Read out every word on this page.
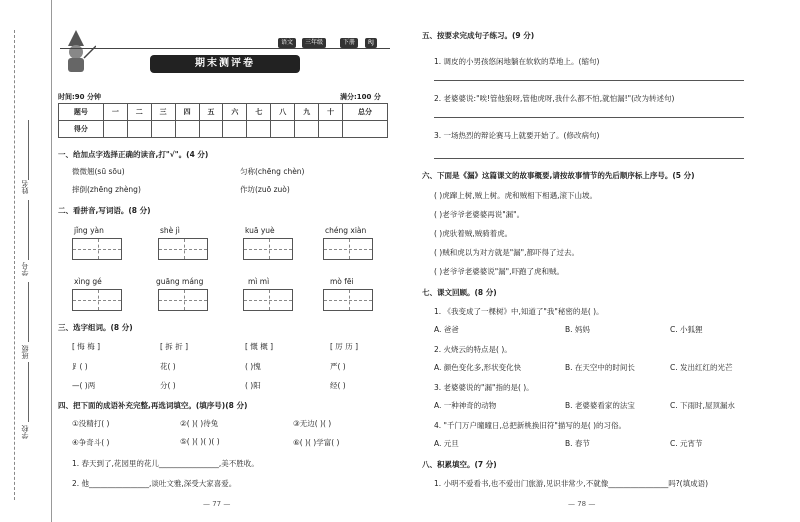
姓名
学号
班级
学校
语文	三年级	下册	RJ
期末测评卷
时间:90 分钟	满分:100 分
题号	一	二	三	四	五	六	七	八	九	十	总分
得分											
一、给加点字选择正确的读音,打"√"。(4 分)
微微翘(sū sōu)	匀称(chēng chèn)
摔倒(zhēng zhèng)	作坊(zuō zuò)
二、看拼音,写词语。(8 分)
jǐng yàn	shè jì	kuā yuè	chéng xiàn
xìng gé	guāng máng	mì mì	mò fēi
三、选字组词。(8 分)
[ 悔 梅 ]	[ 拆 折 ]	[ 慨 概 ]	[ 厉 历 ]
⻊( )	花( )	( )愧	严( )
—( )两	分( )	( )阳	经( )
四、把下面的成语补充完整,再选词填空。(填序号)(8 分)
①没精打( )	②( )( )待兔	③无边( )( )
④争奇斗( )	⑤( )( )( )( )	⑥( )( )学富( )
1. 春天到了,花园里的花儿________________,美不胜收。
2. 他________________,谈吐文雅,深受大家喜爱。
— 77 —
五、按要求完成句子练习。(9 分)
1. 调皮的小男孩悠闲地躺在软软的草地上。(缩句)
2. 老婆婆说:"唉!管他狼呀,管他虎呀,我什么都不怕,就怕漏!"(改为转述句)
3. 一场热烈的辩论赛马上就要开始了。(修改病句)
六、下面是《漏》这篇课文的故事概要,请按故事情节的先后顺序标上序号。(5 分)
( )虎蹿上树,贼上树。虎和贼相下相遇,滚下山坡。
( )老爷爷老婆婆再说"漏"。
( )虎驮着贼,贼骑着虎。
( )贼和虎以为对方就是"漏",都吓得了过去。
( )老爷爷老婆婆说"漏",吓跑了虎和贼。
七、课文回顾。(8 分)
1. 《我变成了一棵树》中,知道了"我"秘密的是( )。
A. 爸爸	B. 妈妈	C. 小狐狸
2. 火烧云的特点是( )。
A. 颜色变化多,形状变化快	B. 在天空中的时间长	C. 发出红红的光芒
3. 老婆婆说的"漏"指的是( )。
A. 一种神奇的动物	B. 老婆婆看家的法宝	C. 下雨时,屋顶漏水
4. "千门万户曈曈日,总把新桃换旧符"描写的是( )的习俗。
A. 元旦	B. 春节	C. 元宵节
八、积累填空。(7 分)
1. 小明不爱看书,也不爱出门旅游,见识非常少,不就像________________吗?(填成语)
— 78 —
